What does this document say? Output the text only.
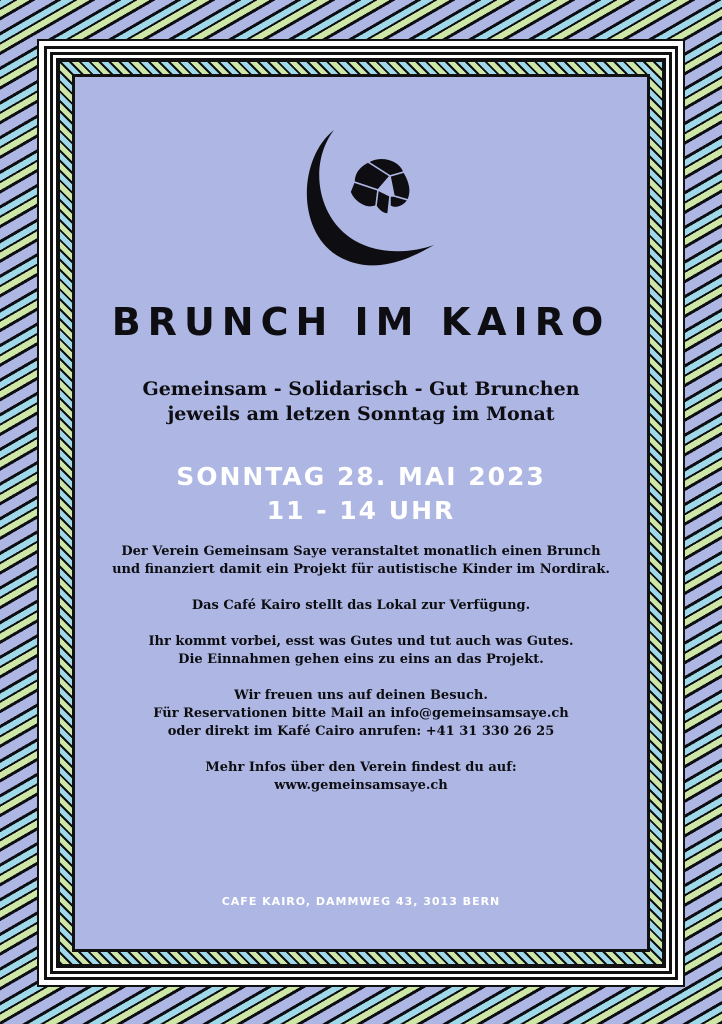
BRUNCH IM KAIRO
Gemeinsam - Solidarisch - Gut Brunchen
jeweils am letzen Sonntag im Monat
SONNTAG 28. MAI 2023
11 - 14 UHR
Der Verein Gemeinsam Saye veranstaltet monatlich einen Brunch
und finanziert damit ein Projekt für autistische Kinder im Nordirak.
Das Café Kairo stellt das Lokal zur Verfügung.
Ihr kommt vorbei, esst was Gutes und tut auch was Gutes.
Die Einnahmen gehen eins zu eins an das Projekt.
Wir freuen uns auf deinen Besuch.
Für Reservationen bitte Mail an info@gemeinsamsaye.ch
oder direkt im Kafé Cairo anrufen: +41 31 330 26 25
Mehr Infos über den Verein findest du auf:
www.gemeinsamsaye.ch
CAFE KAIRO, DAMMWEG 43, 3013 BERN
